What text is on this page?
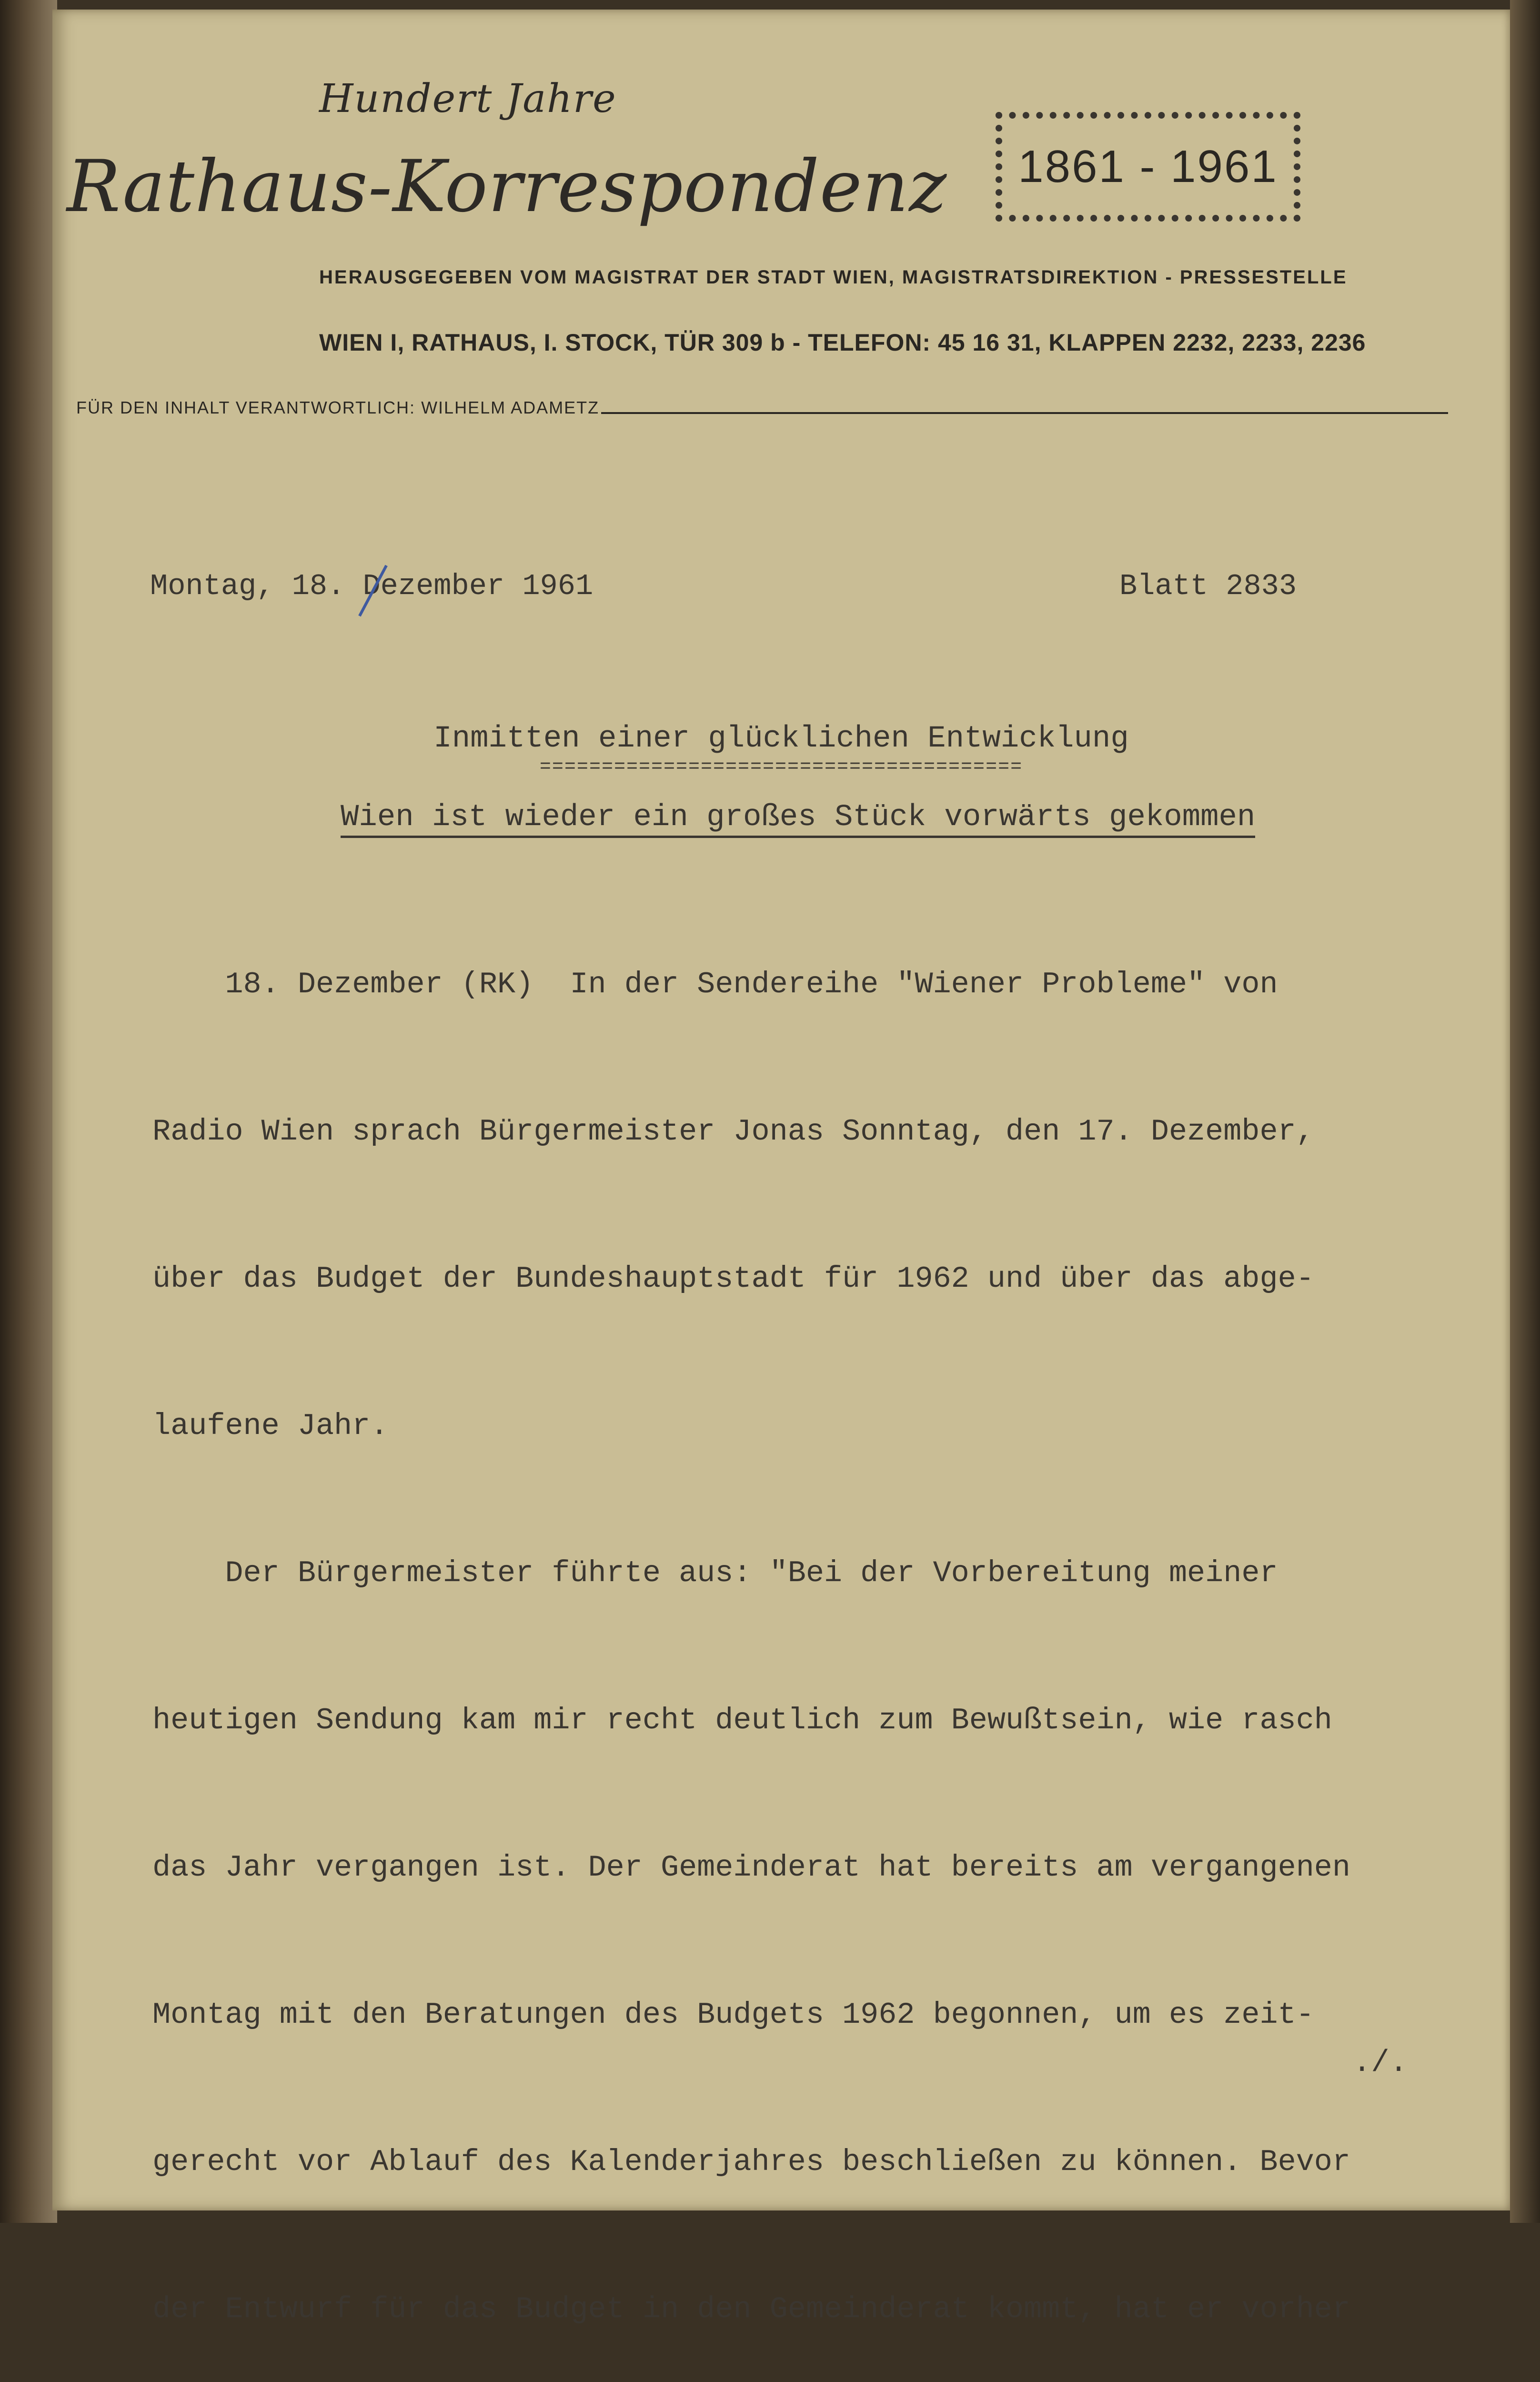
Hundert Jahre
Rathaus-Korrespondenz 1861 - 1961
HERAUSGEGEBEN VOM MAGISTRAT DER STADT WIEN, MAGISTRATSDIREKTION - PRESSESTELLE
WIEN I, RATHAUS, I. STOCK, TÜR 309 b - TELEFON: 45 16 31, KLAPPEN 2232, 2233, 2236
FÜR DEN INHALT VERANTWORTLICH: WILHELM ADAMETZ
Montag, 18. Dezember 1961	Blatt 2833
Inmitten einer glücklichen Entwicklung
=======================================
Wien ist wieder ein großes Stück vorwärts gekommen

18. Dezember (RK)  In der Sendereihe "Wiener Probleme" von

Radio Wien sprach Bürgermeister Jonas Sonntag, den 17. Dezember,

über das Budget der Bundeshauptstadt für 1962 und über das abge-

laufene Jahr.

Der Bürgermeister führte aus: "Bei der Vorbereitung meiner

heutigen Sendung kam mir recht deutlich zum Bewußtsein, wie rasch

das Jahr vergangen ist. Der Gemeinderat hat bereits am vergangenen

Montag mit den Beratungen des Budgets 1962 begonnen, um es zeit-

gerecht vor Ablauf des Kalenderjahres beschließen zu können. Bevor

der Entwurf für das Budget in den Gemeinderat kommt, hat er vorher

./.
